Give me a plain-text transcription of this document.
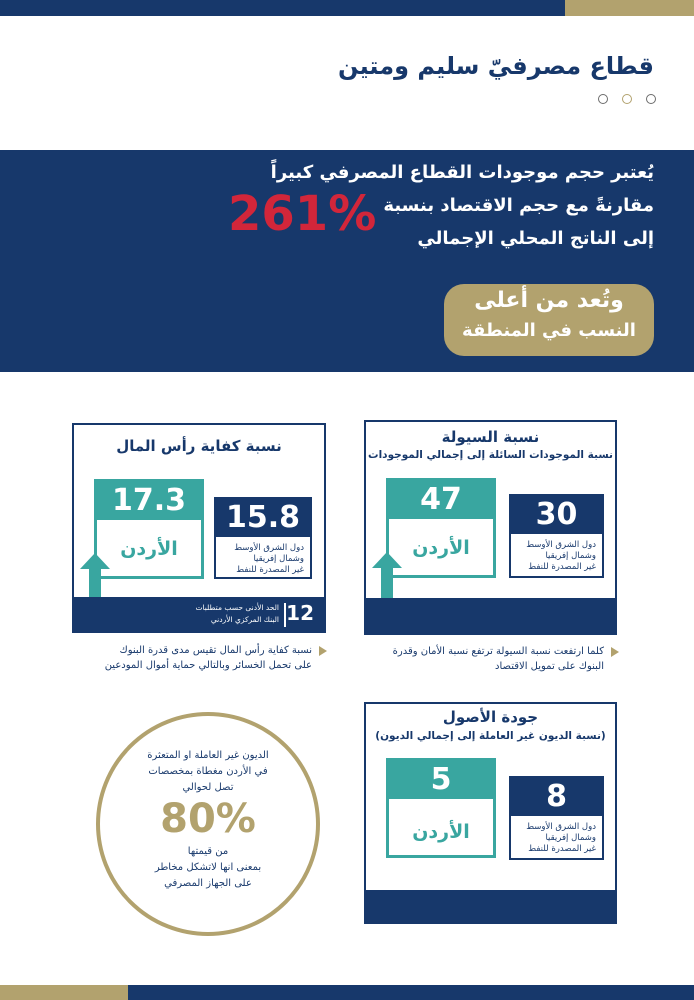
قطاع مصرفيّ سليم ومتين
يُعتبر حجم موجودات القطاع المصرفي كبيراً
مقارنةً مع حجم الاقتصاد بنسبة
إلى الناتج المحلي الإجمالي
261%
وتُعد من أعلى
النسب في المنطقة
نسبة السيولة
نسبة الموجودات السائلة إلى إجمالي الموجودات
47
الأردن
30
دول الشرق الأوسط
وشمال إفريقيا
غير المصدرة للنفط
كلما ارتفعت نسبة السيولة ترتفع نسبة الأمان وقدرة
البنوك على تمويل الاقتصاد
نسبة كفاية رأس المال
17.3
الأردن
15.8
دول الشرق الأوسط
وشمال إفريقيا
غير المصدرة للنفط
12
الحد الأدنى حسب متطلبات
البنك المركزي الأردني
نسبة كفاية رأس المال تقيس مدى قدرة البنوك
على تحمل الخسائر وبالتالي حماية أموال المودعين
جودة الأصول
(نسبة الديون غير العاملة إلى إجمالي الديون)
5
الأردن
8
دول الشرق الأوسط
وشمال إفريقيا
غير المصدرة للنفط
الديون غير العاملة او المتعثرة
في الأردن مغطاة بمخصصات
تصل لحوالي
80%
من قيمتها
بمعنى انها لاتشكل مخاطر
على الجهاز المصرفي
